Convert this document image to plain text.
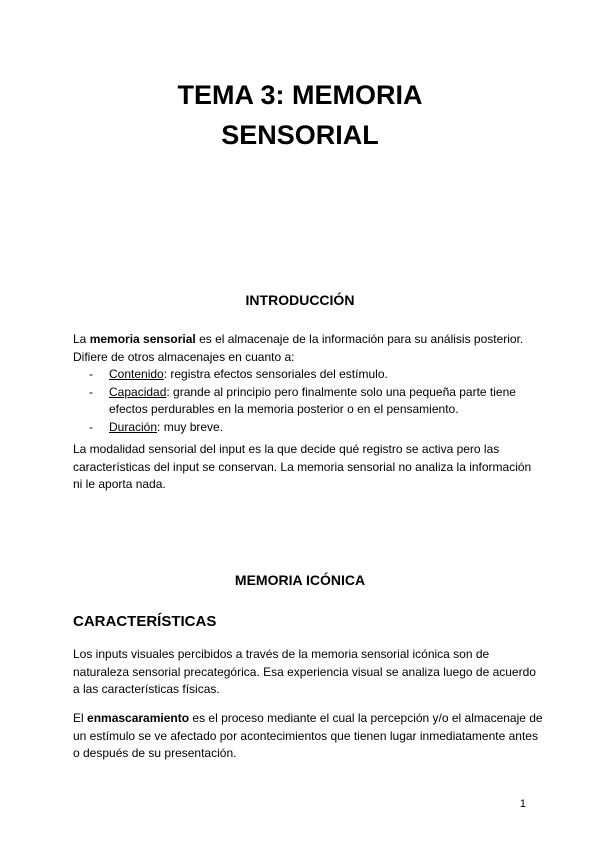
TEMA 3: MEMORIA
SENSORIAL
INTRODUCCIÓN

La memoria sensorial es el almacenaje de la información para su análisis posterior.

Difiere de otros almacenajes en cuanto a:

- Contenido: registra efectos sensoriales del estímulo.
- Capacidad: grande al principio pero finalmente solo una pequeña parte tiene efectos perdurables en la memoria posterior o en el pensamiento.
- Duración: muy breve.
La modalidad sensorial del input es la que decide qué registro se activa pero las características del input se conservan. La memoria sensorial no analiza la información ni le aporta nada.
MEMORIA ICÓNICA
CARACTERÍSTICAS
Los inputs visuales percibidos a través de la memoria sensorial icónica son de naturaleza sensorial precategórica. Esa experiencia visual se analiza luego de acuerdo a las características físicas.
El enmascaramiento es el proceso mediante el cual la percepción y/o el almacenaje de un estímulo se ve afectado por acontecimientos que tienen lugar inmediatamente antes o después de su presentación.
1
